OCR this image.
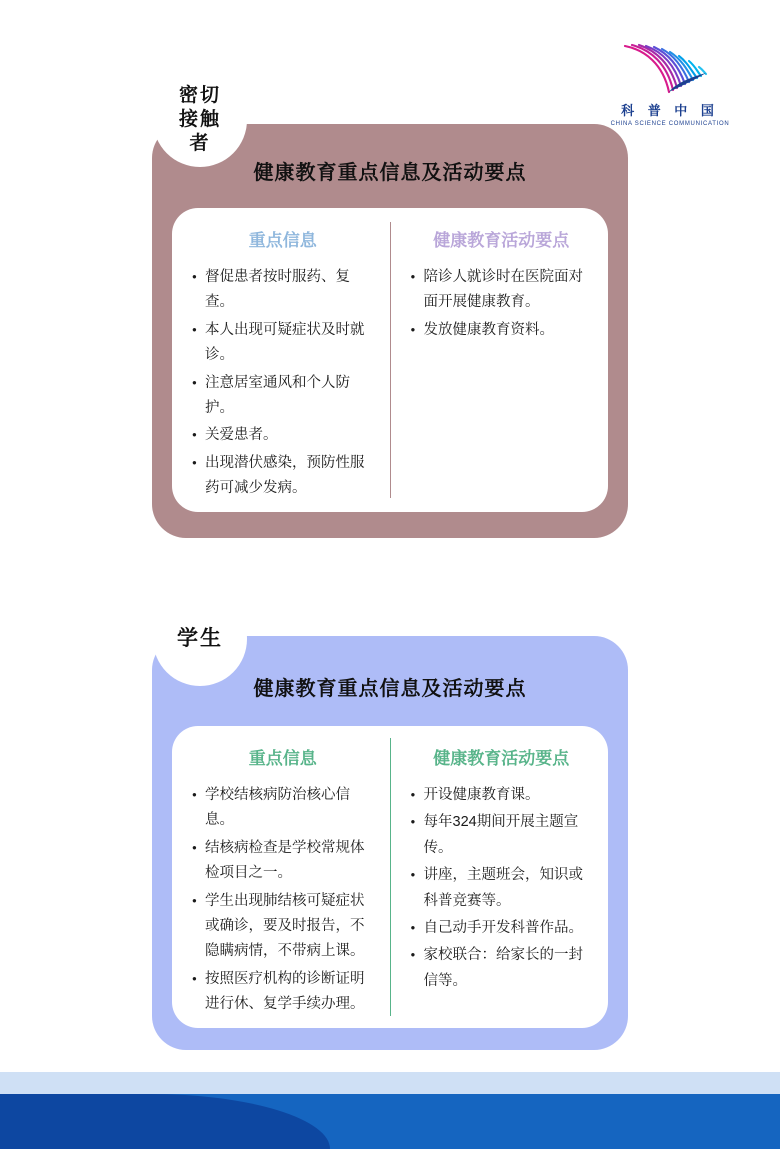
科 普 中 国
CHINA SCIENCE COMMUNICATION
密切
接触
者
健康教育重点信息及活动要点
重点信息
● 督促患者按时服药、复查。
● 本人出现可疑症状及时就诊。
● 注意居室通风和个人防护。
● 关爱患者。
● 出现潜伏感染，预防性服药可减少发病。
健康教育活动要点
● 陪诊人就诊时在医院面对面开展健康教育。
● 发放健康教育资料。
学生
健康教育重点信息及活动要点
重点信息
● 学校结核病防治核心信息。
● 结核病检查是学校常规体检项目之一。
● 学生出现肺结核可疑症状或确诊，要及时报告，不隐瞒病情，不带病上课。
● 按照医疗机构的诊断证明进行休、复学手续办理。
健康教育活动要点
● 开设健康教育课。
● 每年324期间开展主题宣传。
● 讲座，主题班会，知识或科普竞赛等。
● 自己动手开发科普作品。
● 家校联合：给家长的一封信等。
